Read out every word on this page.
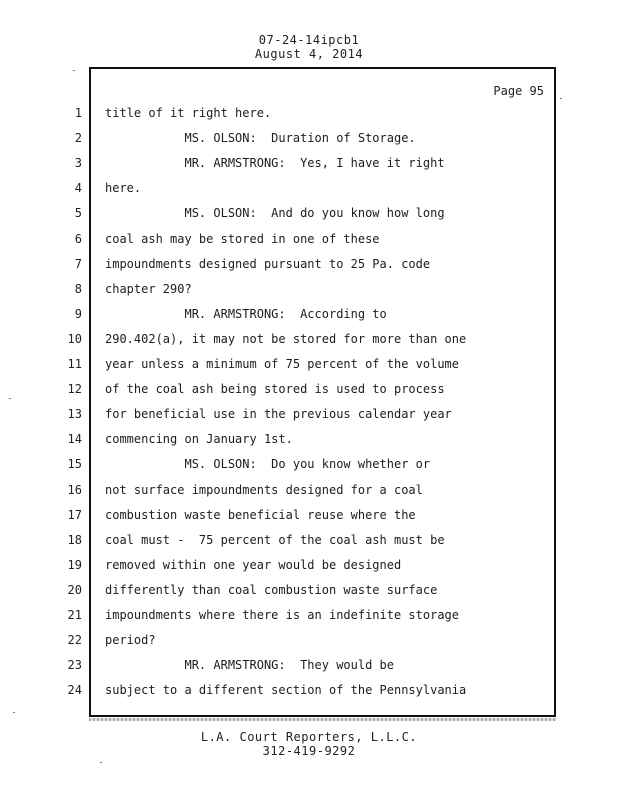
07-24-14ipcb1
August 4, 2014
Page 95
1 title of it right here.
2 MS. OLSON:  Duration of Storage.
3 MR. ARMSTRONG:  Yes, I have it right
4 here.
5 MS. OLSON:  And do you know how long
6 coal ash may be stored in one of these
7 impoundments designed pursuant to 25 Pa. code
8 chapter 290?
9 MR. ARMSTRONG:  According to
10 290.402(a), it may not be stored for more than one
11 year unless a minimum of 75 percent of the volume
12 of the coal ash being stored is used to process
13 for beneficial use in the previous calendar year
14 commencing on January 1st.
15 MS. OLSON:  Do you know whether or
16 not surface impoundments designed for a coal
17 combustion waste beneficial reuse where the
18 coal must -  75 percent of the coal ash must be
19 removed within one year would be designed
20 differently than coal combustion waste surface
21 impoundments where there is an indefinite storage
22 period?
23 MR. ARMSTRONG:  They would be
24 subject to a different section of the Pennsylvania
L.A. Court Reporters, L.L.C.
312-419-9292
